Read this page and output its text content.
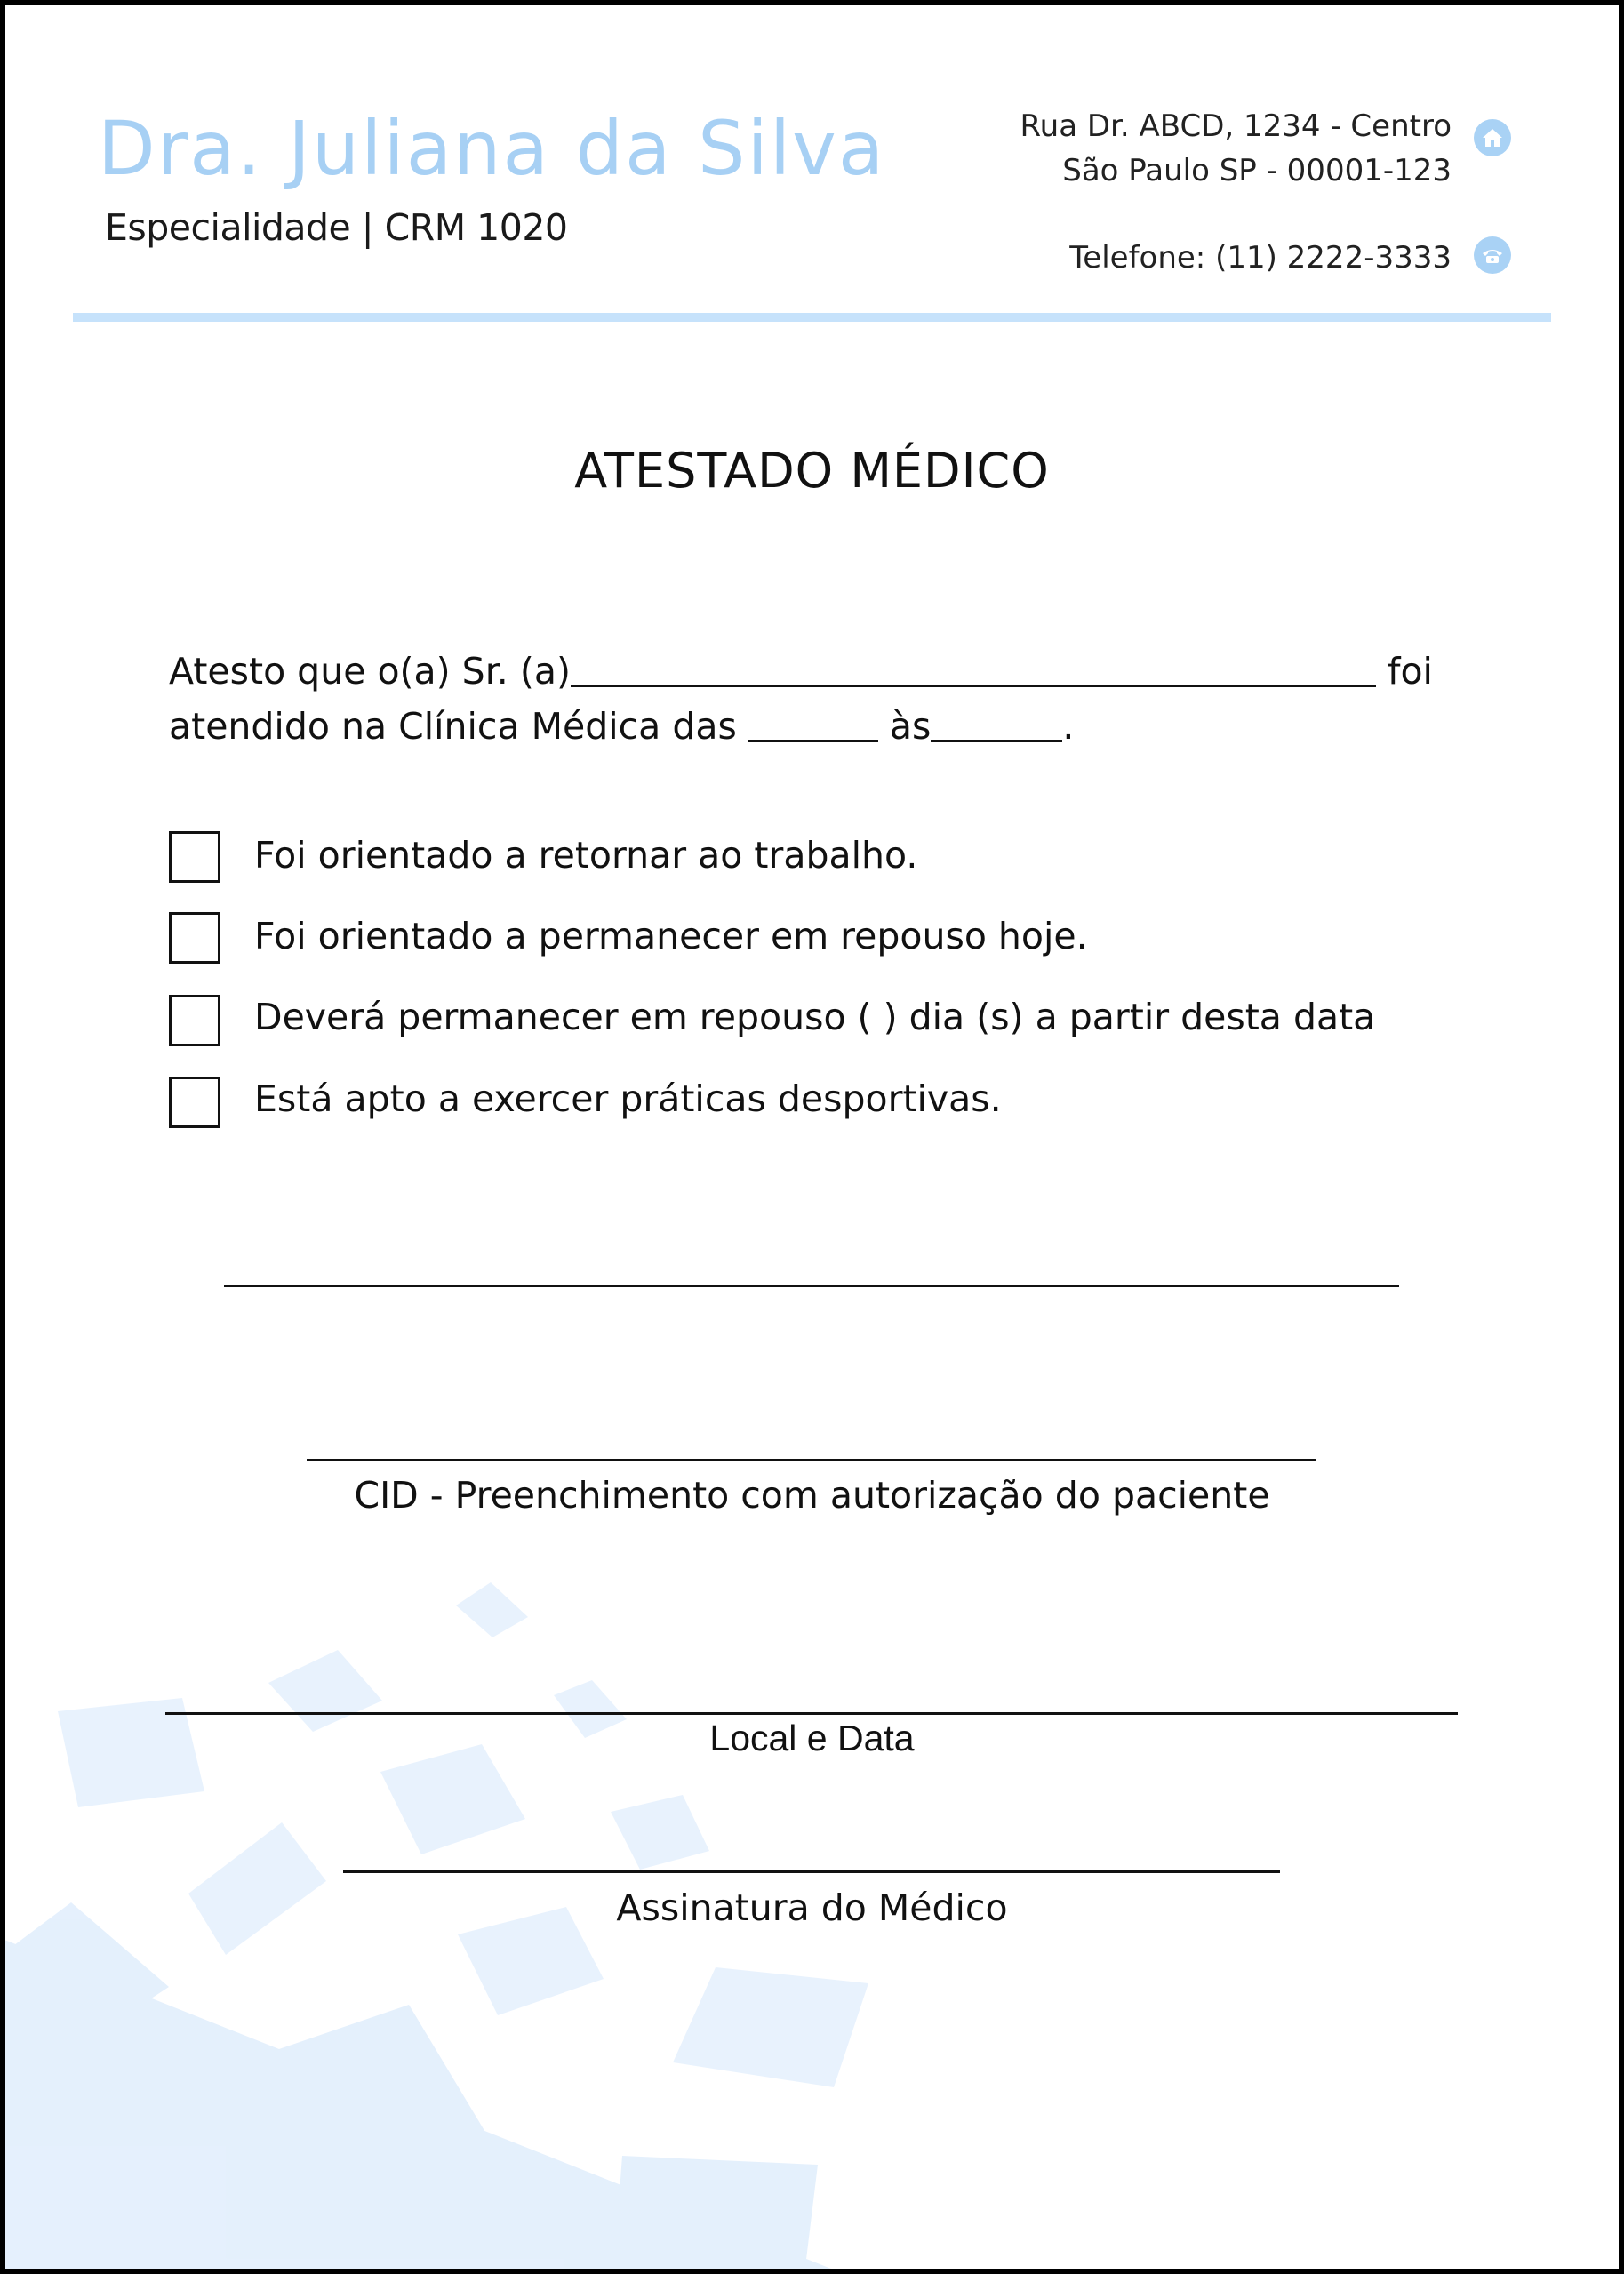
Dra. Juliana da Silva
Especialidade | CRM 1020
Rua Dr. ABCD, 1234 - Centro
São Paulo SP - 00001-123
Telefone: (11) 2222-3333
ATESTADO MÉDICO
Atesto que o(a) Sr. (a)	foi
atendido na Clínica Médica das	às	.
Foi orientado a retornar ao trabalho.
Foi orientado a permanecer em repouso hoje.
Deverá permanecer em repouso ( ) dia (s) a partir desta data
Está apto a exercer práticas desportivas.
CID - Preenchimento com autorização do paciente
Local e Data
Assinatura do Médico
